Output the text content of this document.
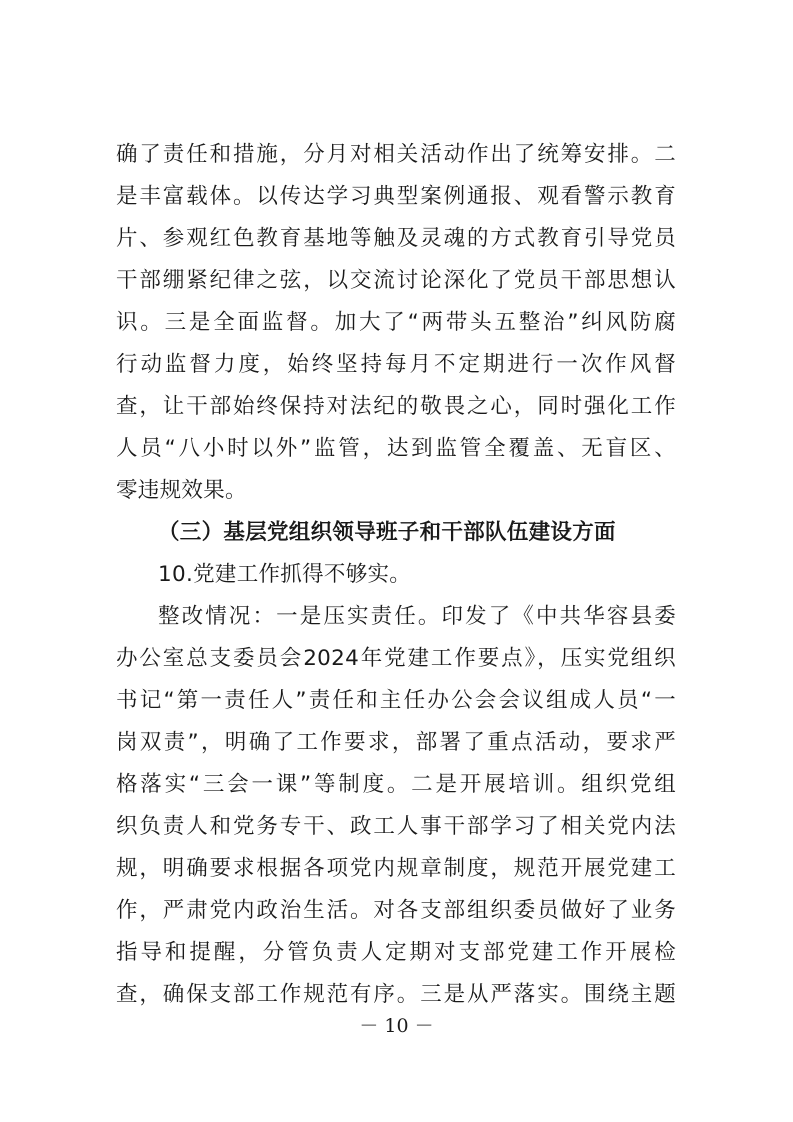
确了责任和措施，分月对相关活动作出了统筹安排。二
是丰富载体。以传达学习典型案例通报、观看警示教育
片、参观红色教育基地等触及灵魂的方式教育引导党员
干部绷紧纪律之弦，以交流讨论深化了党员干部思想认
识。三是全面监督。加大了“两带头五整治”纠风防腐
行动监督力度，始终坚持每月不定期进行一次作风督
查，让干部始终保持对法纪的敬畏之心，同时强化工作
人员“八小时以外”监管，达到监管全覆盖、无盲区、
零违规效果。
（三）基层党组织领导班子和干部队伍建设方面
10.党建工作抓得不够实。
整改情况：一是压实责任。印发了《中共华容县委
办公室总支委员会2024年党建工作要点》，压实党组织
书记“第一责任人”责任和主任办公会会议组成人员“一
岗双责”，明确了工作要求，部署了重点活动，要求严
格落实“三会一课”等制度。二是开展培训。组织党组
织负责人和党务专干、政工人事干部学习了相关党内法
规，明确要求根据各项党内规章制度，规范开展党建工
作，严肃党内政治生活。对各支部组织委员做好了业务
指导和提醒，分管负责人定期对支部党建工作开展检
查，确保支部工作规范有序。三是从严落实。围绕主题
－ 10 －
